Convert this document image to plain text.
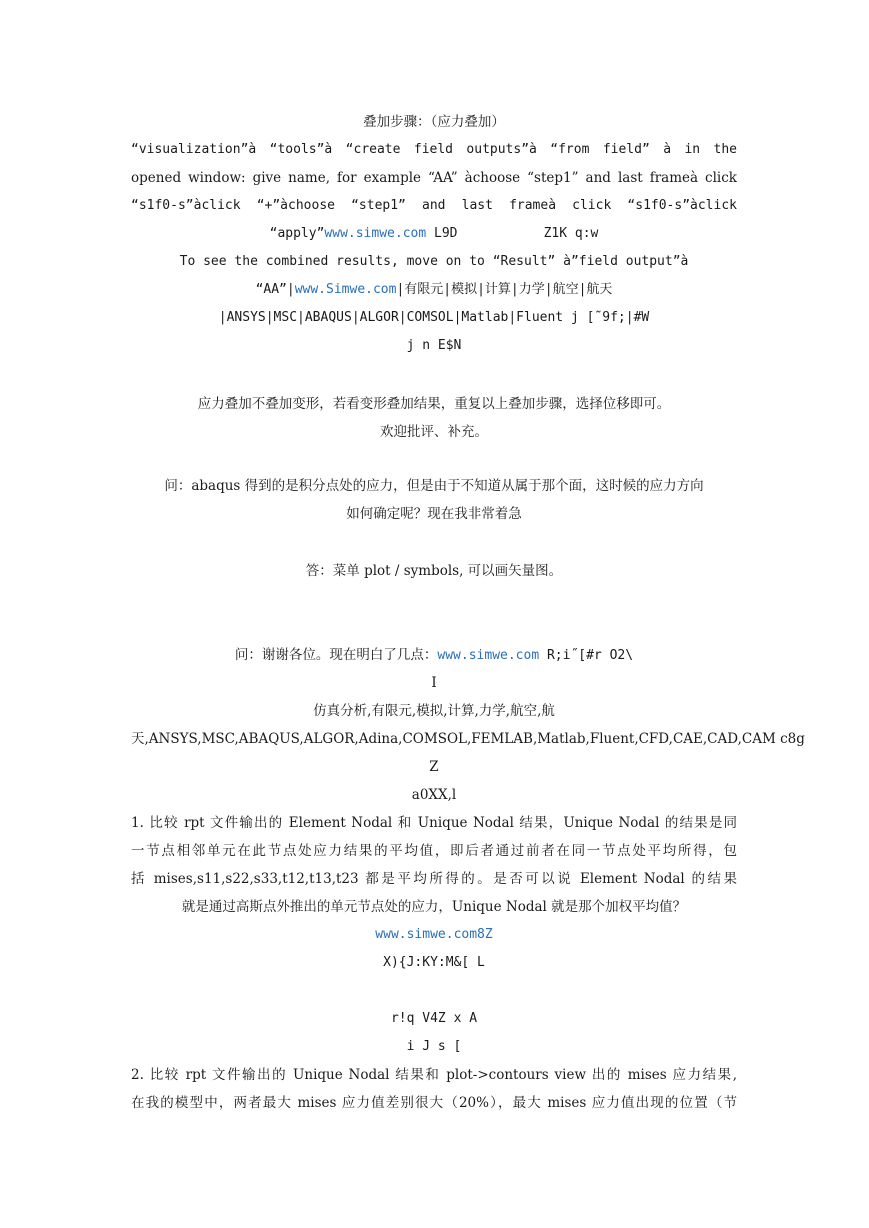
叠加步骤：（应力叠加）
“visualization”à “tools”à “create field outputs”à “from field” à in the
opened window: give name, for example “AA” àchoose “step1” and last frameà click
“s1f0-s”àclick “+”àchoose “step1” and last frameà click “s1f0-s”àclick
“apply”www.simwe.com L9D           Z1K q:w
To see the combined results, move on to “Result” à”field output”à
“AA”|www.Simwe.com|有限元|模拟|计算|力学|航空|航天
|ANSYS|MSC|ABAQUS|ALGOR|COMSOL|Matlab|Fluent j [˜9f;|#W
j n E$N
应力叠加不叠加变形，若看变形叠加结果，重复以上叠加步骤，选择位移即可。
欢迎批评、补充。
问：abaqus 得到的是积分点处的应力，但是由于不知道从属于那个面，这时候的应力方向
如何确定呢？现在我非常着急
答：菜单 plot / symbols, 可以画矢量图。
问：谢谢各位。现在明白了几点：www.simwe.com R;i˝[#r O2\
I
仿真分析,有限元,模拟,计算,力学,航空,航
天,ANSYS,MSC,ABAQUS,ALGOR,Adina,COMSOL,FEMLAB,Matlab,Fluent,CFD,CAE,CAD,CAM c8g
Z
a0XX,l
1. 比较 rpt 文件输出的 Element Nodal 和 Unique Nodal 结果，Unique Nodal 的结果是同
一节点相邻单元在此节点处应力结果的平均值，即后者通过前者在同一节点处平均所得，包
括 mises,s11,s22,s33,t12,t13,t23 都是平均所得的。是否可以说 Element Nodal 的结果
就是通过高斯点外推出的单元节点处的应力，Unique Nodal 就是那个加权平均值？
www.simwe.com8Z
X){J:KY:M&[ L
r!q V4Z x A
i J s [
2. 比较 rpt 文件输出的 Unique Nodal 结果和 plot->contours view 出的 mises 应力结果,
在我的模型中，两者最大 mises 应力值差别很大（20%），最大 mises 应力值出现的位置（节
